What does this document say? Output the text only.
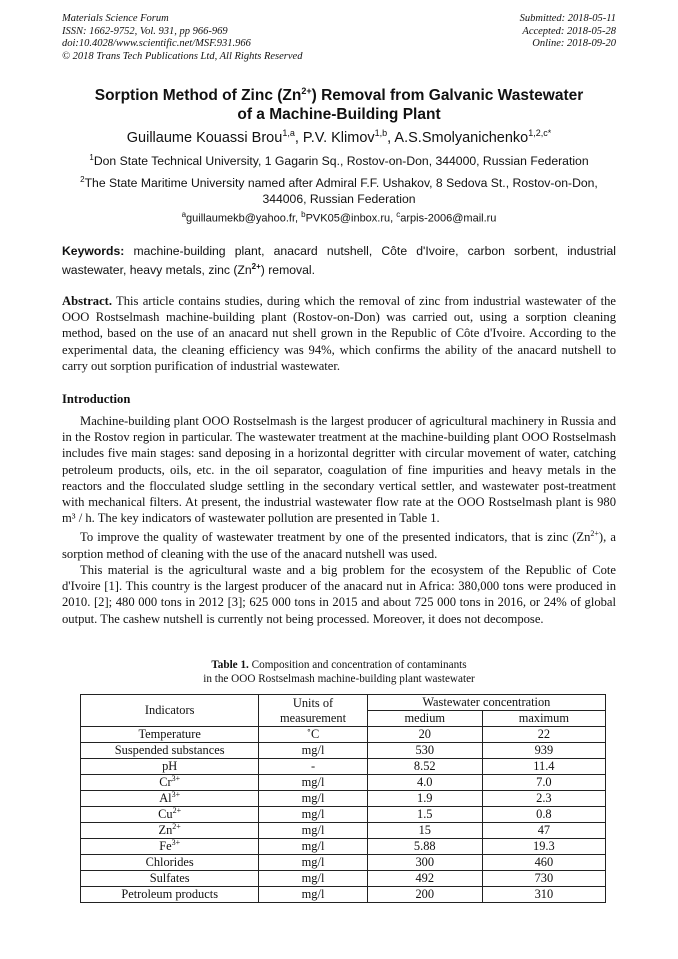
Materials Science Forum
ISSN: 1662-9752, Vol. 931, pp 966-969
doi:10.4028/www.scientific.net/MSF.931.966
© 2018 Trans Tech Publications Ltd, All Rights Reserved
Submitted: 2018-05-11
Accepted: 2018-05-28
Online: 2018-09-20
Sorption Method of Zinc $(Zn^{2+})$ Removal from Galvanic Wastewater
of a Machine-Building Plant
Guillaume Kouassi Brou$^{1,a}$, P.V. Klimov$^{1,b}$, A.S.Smolyanichenko$^{1,2,c*}$
$^1$Don State Technical University, 1 Gagarin Sq., Rostov-on-Don, 344000, Russian Federation
$^2$The State Maritime University named after Admiral F.F. Ushakov, 8 Sedova St., Rostov-on-Don,
344006, Russian Federation
$^a$guillaumekb@yahoo.fr, $^b$PVK05@inbox.ru, $^c$arpis-2006@mail.ru
Keywords: machine-building plant, anacard nutshell, Côte d'Ivoire, carbon sorbent, industrial wastewater, heavy metals, zinc $(Zn^{2+})$ removal.
Abstract. This article contains studies, during which the removal of zinc from industrial wastewater of the OOO Rostselmash machine-building plant (Rostov-on-Don) was carried out, using a sorption cleaning method, based on the use of an anacard nut shell grown in the Republic of Côte d'Ivoire. According to the experimental data, the cleaning efficiency was 94%, which confirms the ability of the anacard nutshell to carry out sorption purification of industrial wastewater.
Introduction

Machine-building plant OOO Rostselmash is the largest producer of agricultural machinery in Russia and in the Rostov region in particular. The wastewater treatment at the machine-building plant OOO Rostselmash includes five main stages: sand deposing in a horizontal degritter with circular movement of water, catching petroleum products, oils, etc. in the oil separator, coagulation of fine impurities and heavy metals in the reactors and the flocculated sludge settling in the secondary vertical settler, and wastewater post-treatment with mechanical filters. At present, the industrial wastewater flow rate at the OOO Rostselmash plant is 980 m³ / h. The key indicators of wastewater pollution are presented in Table 1.

To improve the quality of wastewater treatment by one of the presented indicators, that is zinc $(Zn^{2+})$, a sorption method of cleaning with the use of the anacard nutshell was used.

This material is the agricultural waste and a big problem for the ecosystem of the Republic of Cote d'Ivoire [1]. This country is the largest producer of the anacard nut in Africa: 380,000 tons were produced in 2010. [2]; 480 000 tons in 2012 [3]; 625 000 tons in 2015 and about 725 000 tons in 2016, or 24% of global output. The cashew nutshell is currently not being processed. Moreover, it does not decompose.

Table 1. Composition and concentration of contaminants
in the OOO Rostselmash machine-building plant wastewater
Indicators	Units of measurement	Wastewater concentration	
		medium	maximum
Temperature	˚C	20	22
Suspended substances	mg/l	530	939
pH	-	8.52	11.4
$Cr^{3+}$	mg/l	4.0	7.0
$Al^{3+}$	mg/l	1.9	2.3
$Cu^{2+}$	mg/l	1.5	0.8
$Zn^{2+}$	mg/l	15	47
$Fe^{3+}$	mg/l	5.88	19.3
Chlorides	mg/l	300	460
Sulfates	mg/l	492	730
Petroleum products	mg/l	200	310
